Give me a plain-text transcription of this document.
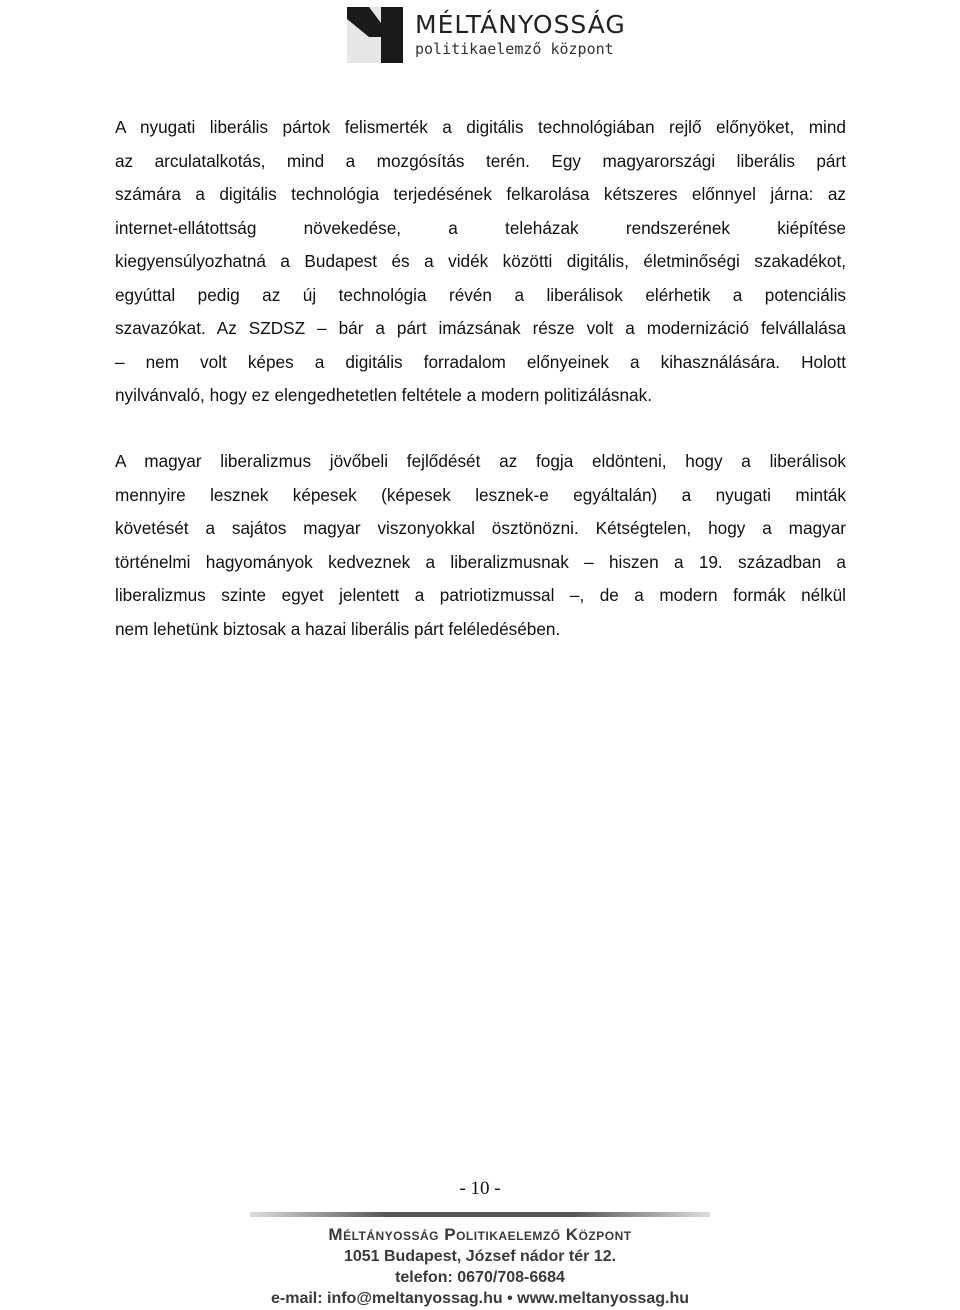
MÉLTÁNYOSSÁG
politikaelemző központ
A nyugati liberális pártok felismerték a digitális technológiában rejlő előnyöket, mind
az arculatalkotás, mind a mozgósítás terén. Egy magyarországi liberális párt
számára a digitális technológia terjedésének felkarolása kétszeres előnnyel járna: az
internet-ellátottság növekedése, a teleházak rendszerének kiépítése
kiegyensúlyozhatná a Budapest és a vidék közötti digitális, életminőségi szakadékot,
egyúttal pedig az új technológia révén a liberálisok elérhetik a potenciális
szavazókat. Az SZDSZ – bár a párt imázsának része volt a modernizáció felvállalása
– nem volt képes a digitális forradalom előnyeinek a kihasználására. Holott
nyilvánvaló, hogy ez elengedhetetlen feltétele a modern politizálásnak.
A magyar liberalizmus jövőbeli fejlődését az fogja eldönteni, hogy a liberálisok
mennyire lesznek képesek (képesek lesznek-e egyáltalán) a nyugati minták
követését a sajátos magyar viszonyokkal ösztönözni. Kétségtelen, hogy a magyar
történelmi hagyományok kedveznek a liberalizmusnak – hiszen a 19. században a
liberalizmus szinte egyet jelentett a patriotizmussal –, de a modern formák nélkül
nem lehetünk biztosak a hazai liberális párt feléledésében.
- 10 -
Méltányosság Politikaelemző Központ
1051 Budapest, József nádor tér 12.
telefon: 0670/708-6684
e-mail: info@meltanyossag.hu • www.meltanyossag.hu
